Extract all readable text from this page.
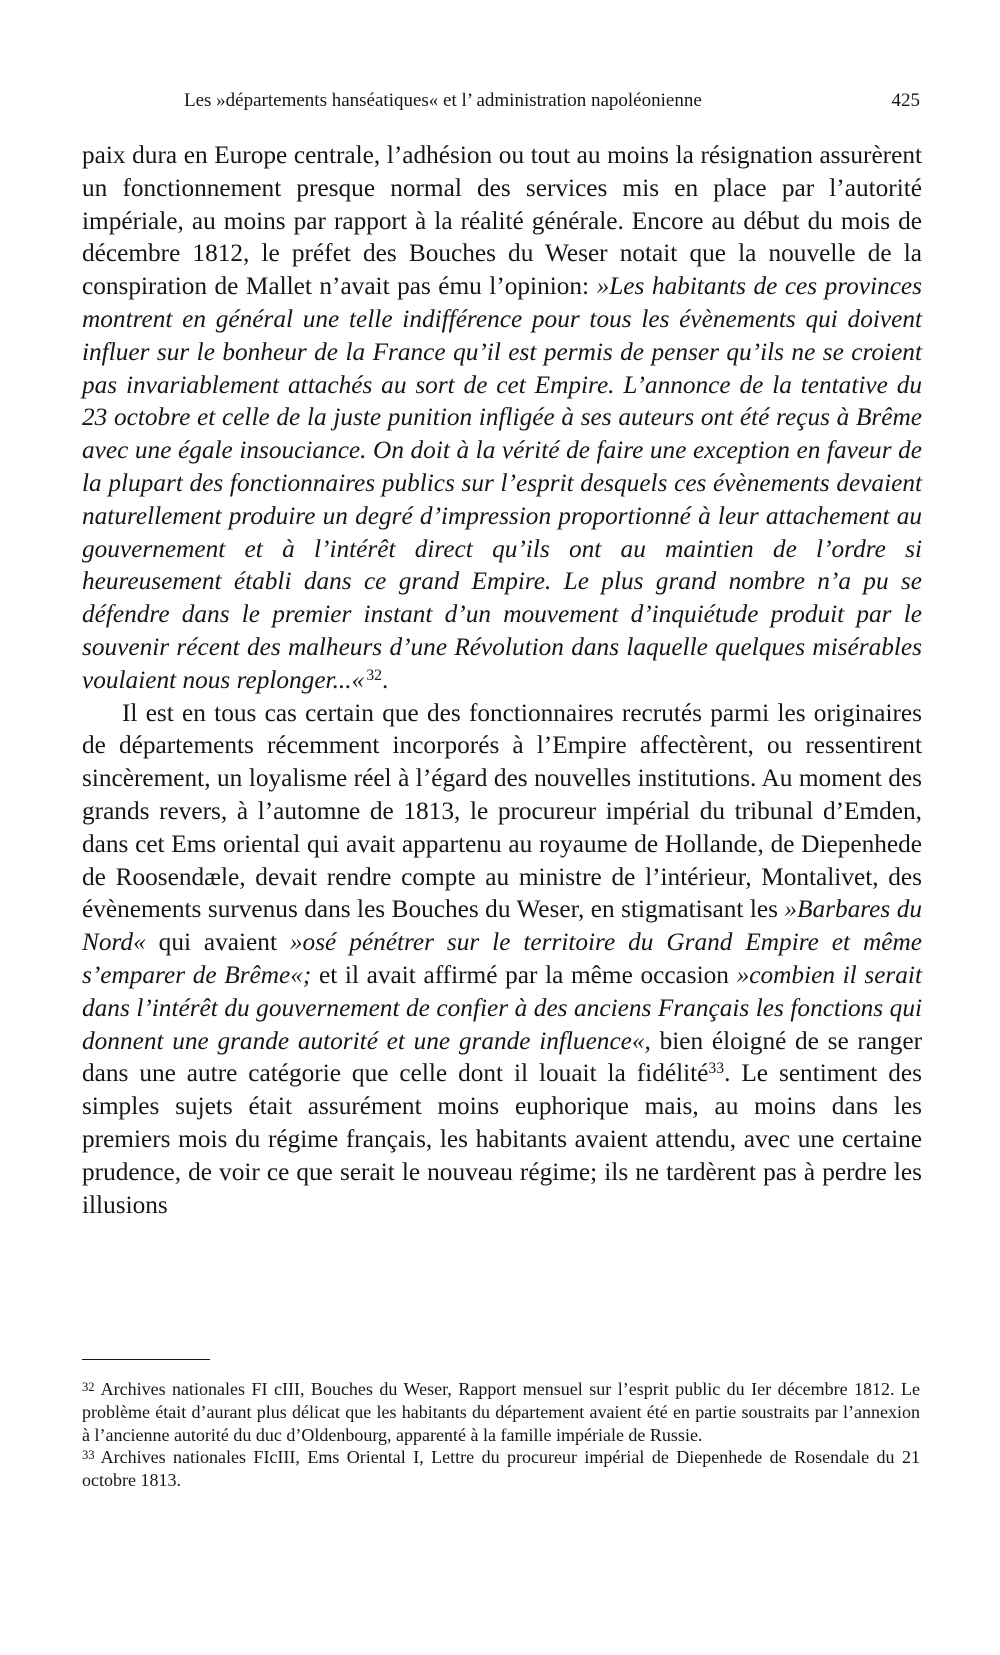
Les »départements hanséatiques« et l’ administration napoléonienne	425

paix dura en Europe centrale, l’adhésion ou tout au moins la résignation assurèrent un fonctionnement presque normal des services mis en place par l’autorité impériale, au moins par rapport à la réalité générale. Encore au début du mois de décembre 1812, le préfet des Bouches du Weser notait que la nouvelle de la conspiration de Mallet n’avait pas ému l’opinion: »Les habitants de ces provinces montrent en général une telle indifférence pour tous les évènements qui doivent influer sur le bonheur de la France qu’il est permis de penser qu’ils ne se croient pas invariablement attachés au sort de cet Empire. L’annonce de la tentative du 23 octobre et celle de la juste punition infligée à ses auteurs ont été reçus à Brême avec une égale insouciance. On doit à la vérité de faire une exception en faveur de la plupart des fonctionnaires publics sur l’esprit desquels ces évènements devaient naturellement produire un degré d’impression proportionné à leur attachement au gouvernement et à l’intérêt direct qu’ils ont au maintien de l’ordre si heureusement établi dans ce grand Empire. Le plus grand nombre n’a pu se défendre dans le premier instant d’un mouvement d’inquiétude produit par le souvenir récent des malheurs d’une Révolution dans laquelle quelques misérables voulaient nous replonger...«  $^{32}$.

Il est en tous cas certain que des fonctionnaires recrutés parmi les originaires de départements récemment incorporés à l’Empire affectèrent, ou ressentirent sincèrement, un loyalisme réel à l’égard des nouvelles institutions. Au moment des grands revers, à l’automne de 1813, le procureur impérial du tribunal d’Emden, dans cet Ems oriental qui avait appartenu au royaume de Hollande, de Diepenhede de Roosendæle, devait rendre compte au ministre de l’intérieur, Montalivet, des évènements survenus dans les Bouches du Weser, en stigmatisant les »Barbares du Nord« qui avaient »osé pénétrer sur le territoire du Grand Empire et même s’emparer de Brême«; et il avait affirmé par la même occasion »combien il serait dans l’intérêt du gouvernement de confier à des anciens Français les fonctions qui donnent une grande autorité et une grande influence«, bien éloigné de se ranger dans une autre catégorie que celle dont il louait la fidélité$^{33}$. Le sentiment des simples sujets était assurément moins euphorique mais, au moins dans les premiers mois du régime français, les habitants avaient attendu, avec une certaine prudence, de voir ce que serait le nouveau régime; ils ne tardèrent pas à perdre les illusions

$^{32}$ Archives nationales FI cIII, Bouches du Weser, Rapport mensuel sur l’esprit public du Ier décembre 1812. Le problème était d’aurant plus délicat que les habitants du département avaient été en partie soustraits par l’annexion à l’ancienne autorité du duc d’Oldenbourg, apparenté à la famille impériale de Russie.

$^{33}$ Archives nationales FIcIII, Ems Oriental I, Lettre du procureur impérial de Diepenhede de Rosendale du 21 octobre 1813.
